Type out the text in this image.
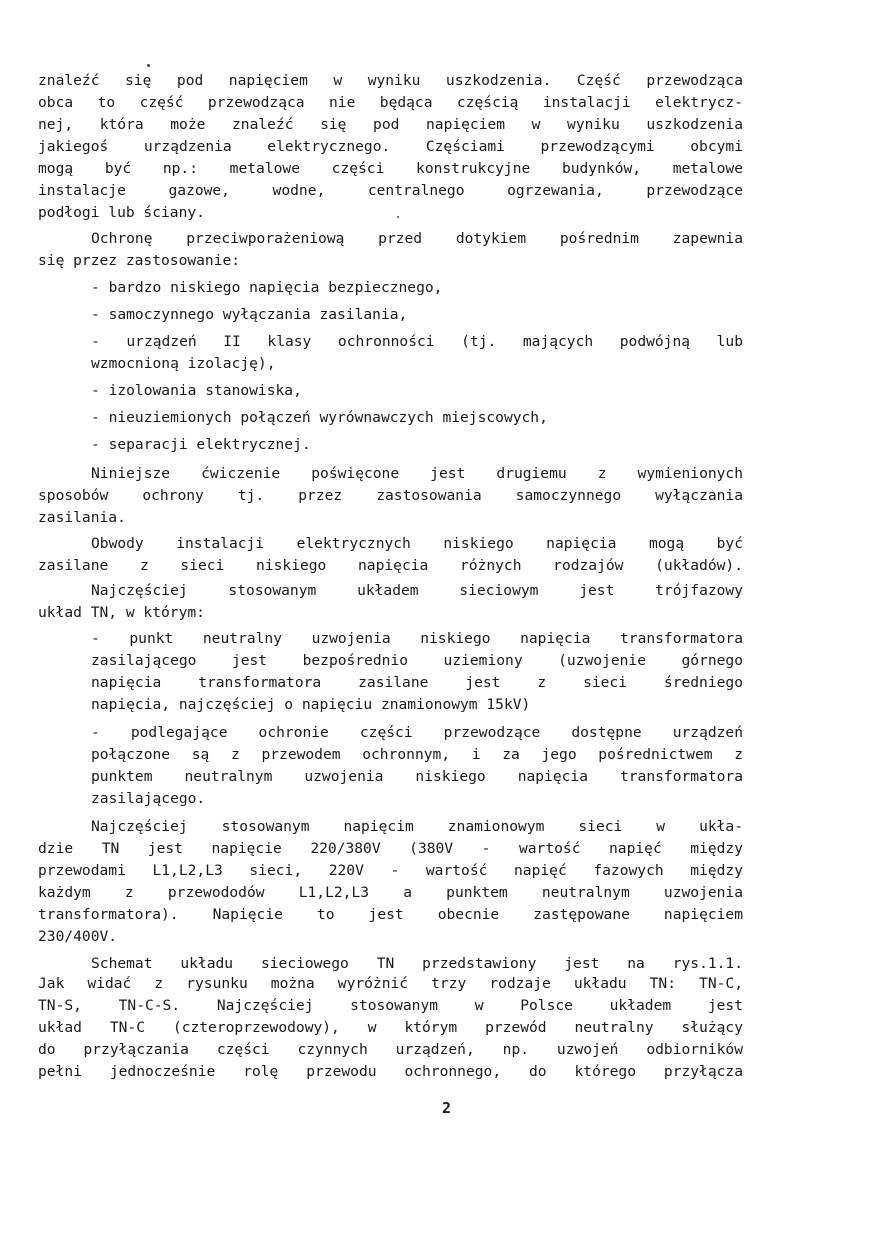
znaleźć się pod napięciem w wyniku uszkodzenia. Część przewodząca
obca to część przewodząca nie będąca częścią instalacji elektrycz-
nej, która może znaleźć się pod napięciem w wyniku uszkodzenia
jakiegoś urządzenia elektrycznego. Częściami przewodzącymi obcymi
mogą być np.: metalowe części konstrukcyjne budynków, metalowe
instalacje gazowe, wodne, centralnego ogrzewania, przewodzące
podłogi lub ściany.
Ochronę przeciwporażeniową przed dotykiem pośrednim zapewnia
się przez zastosowanie:
- bardzo niskiego napięcia bezpiecznego,
- samoczynnego wyłączania zasilania,
- urządzeń II klasy ochronności (tj. mających podwójną lub
wzmocnioną izolację),
- izolowania stanowiska,
- nieuziemionych połączeń wyrównawczych miejscowych,
- separacji elektrycznej.
Niniejsze ćwiczenie poświęcone jest drugiemu z wymienionych
sposobów ochrony tj. przez zastosowania samoczynnego wyłączania
zasilania.
Obwody instalacji elektrycznych niskiego napięcia mogą być
zasilane z sieci niskiego napięcia różnych rodzajów (układów).
Najczęściej stosowanym układem sieciowym jest trójfazowy
układ TN, w którym:
- punkt neutralny uzwojenia niskiego napięcia transformatora
zasilającego jest bezpośrednio uziemiony (uzwojenie górnego
napięcia transformatora zasilane jest z sieci średniego
napięcia, najczęściej o napięciu znamionowym 15kV)
- podlegające ochronie części przewodzące dostępne urządzeń
połączone są z przewodem ochronnym, i za jego pośrednictwem z
punktem neutralnym uzwojenia niskiego napięcia transformatora
zasilającego.
Najczęściej stosowanym napięcim znamionowym sieci w ukła-
dzie TN jest napięcie 220/380V (380V - wartość napięć między
przewodami L1,L2,L3 sieci, 220V - wartość napięć fazowych między
każdym z przewododów L1,L2,L3 a punktem neutralnym uzwojenia
transformatora). Napięcie to jest obecnie zastępowane napięciem
230/400V.
Schemat układu sieciowego TN przedstawiony jest na rys.1.1.
Jak widać z rysunku można wyróżnić trzy rodzaje układu TN: TN-C,
TN-S, TN-C-S. Najczęściej stosowanym w Polsce układem jest
układ TN-C (czteroprzewodowy), w którym przewód neutralny służący
do przyłączania części czynnych urządzeń, np. uzwojeń odbiorników
pełni jednocześnie rolę przewodu ochronnego, do którego przyłącza
2
